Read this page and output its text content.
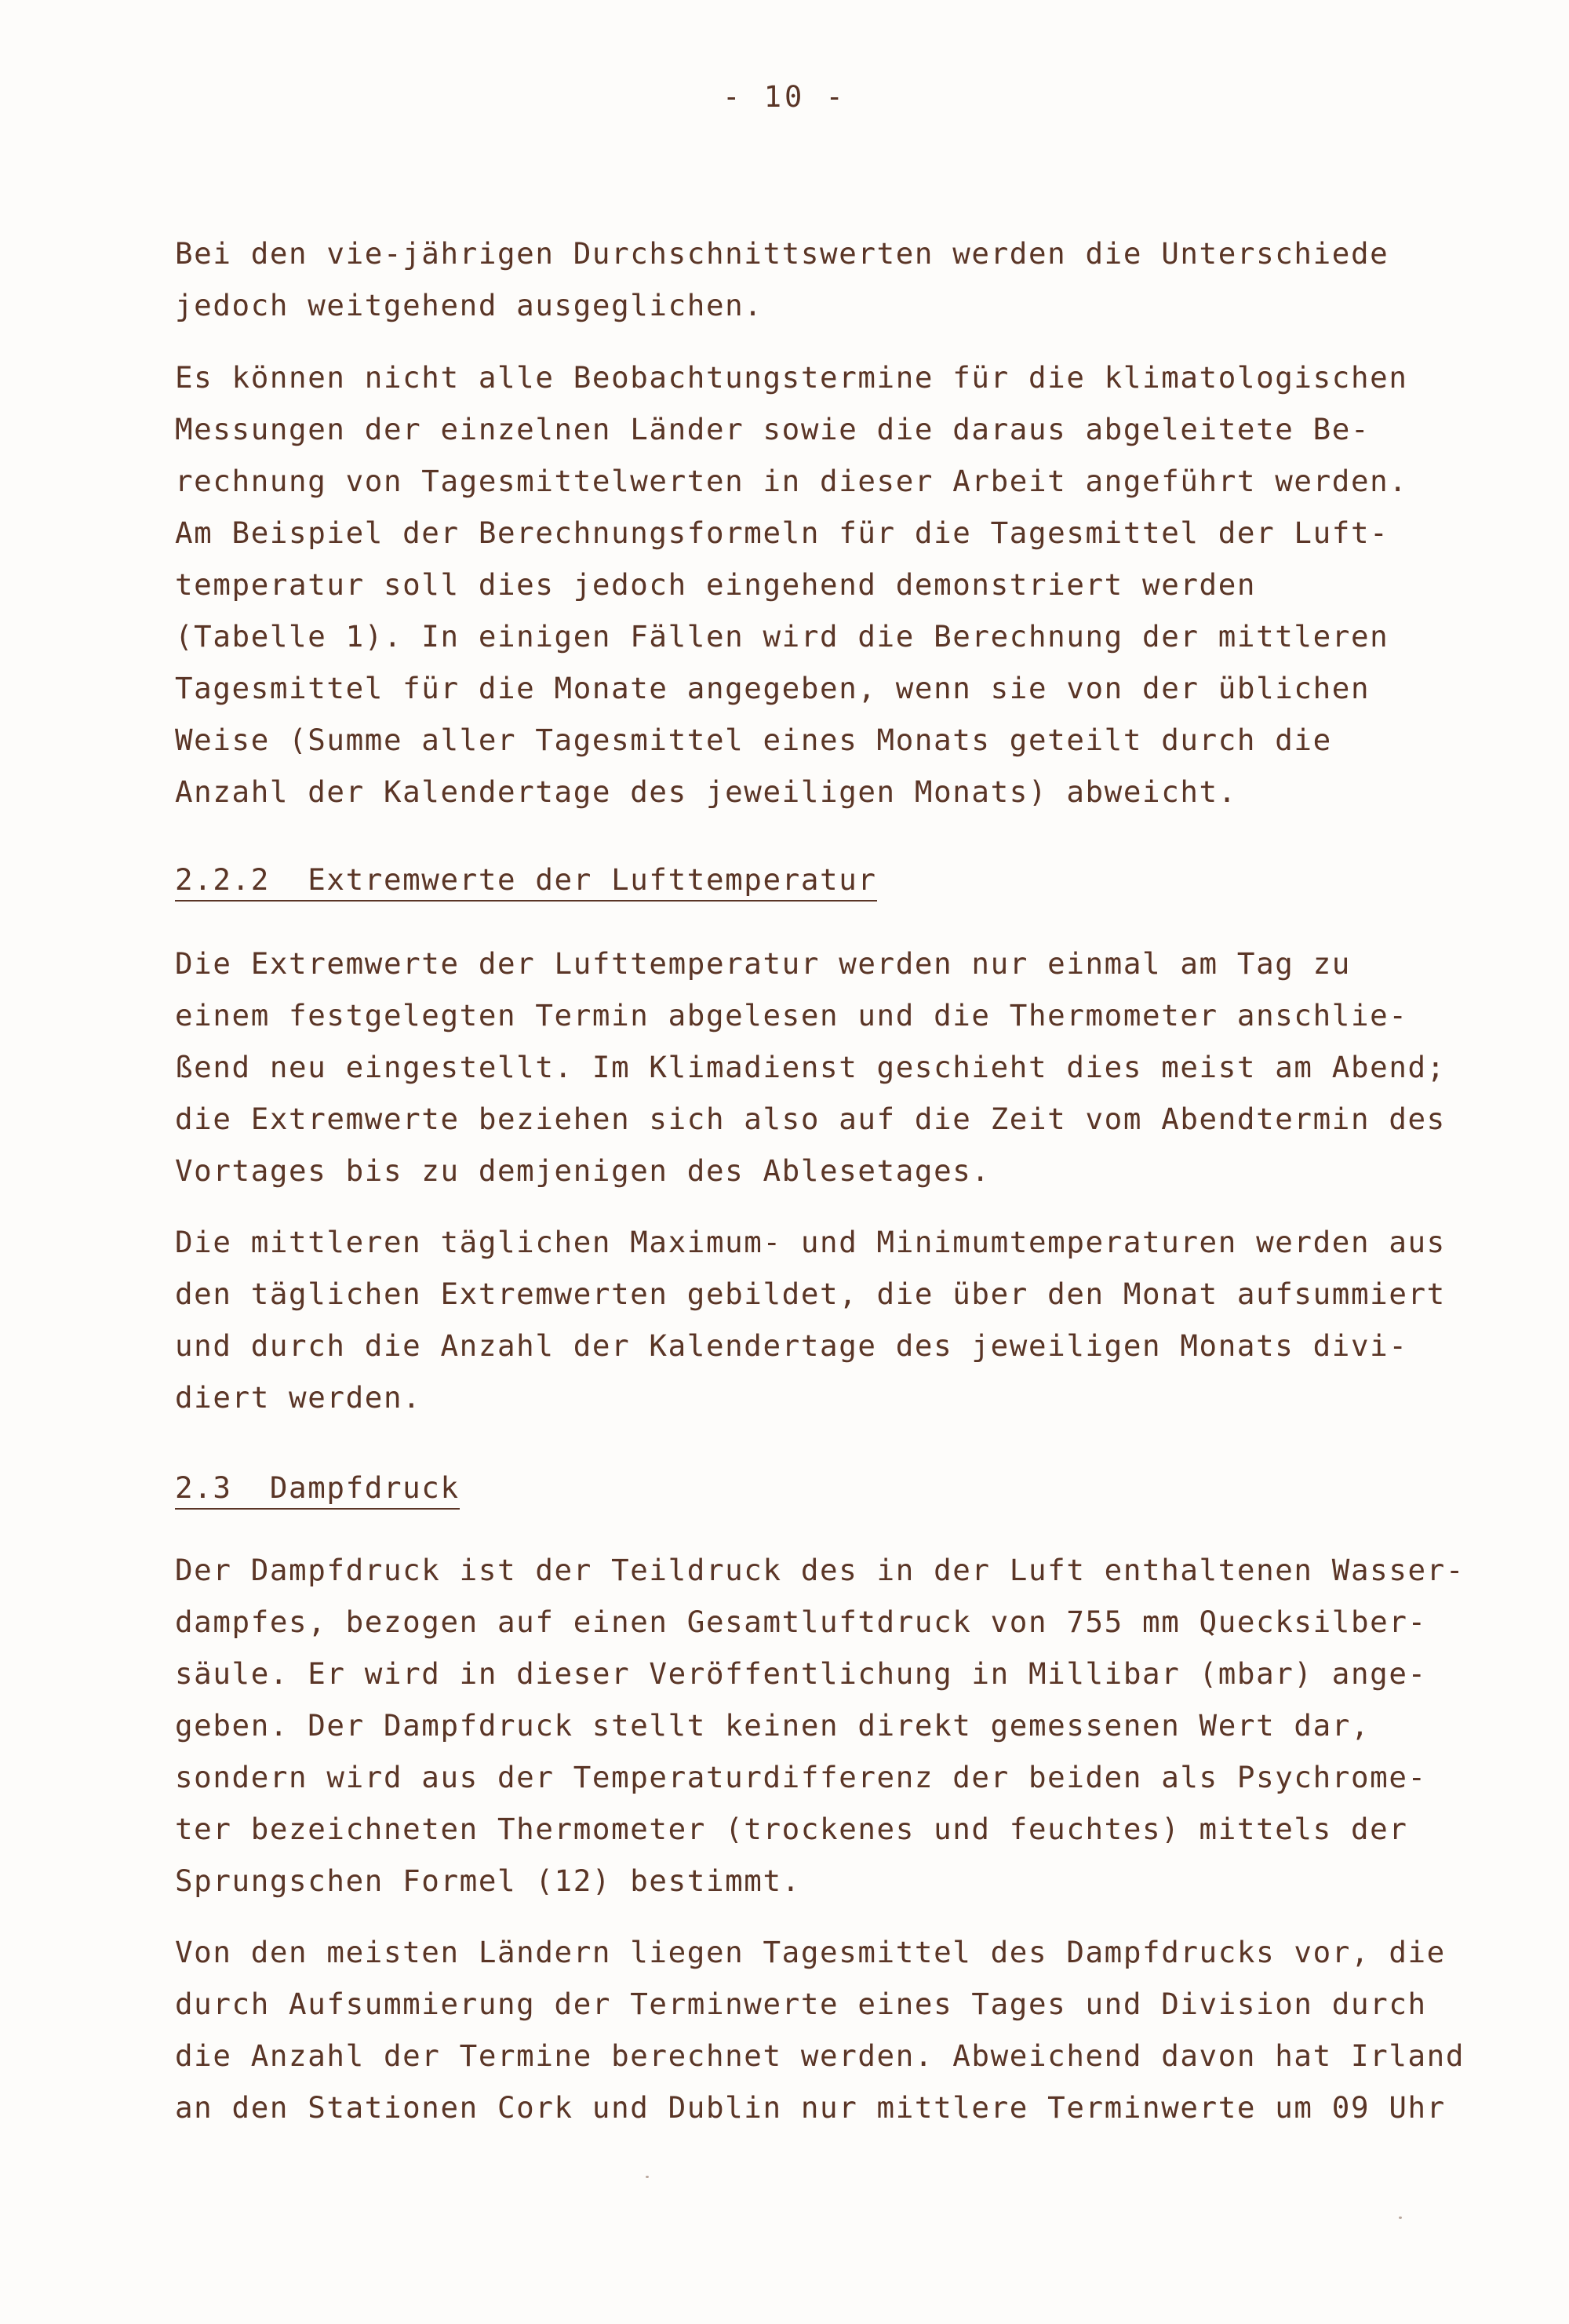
- 10 -
Bei den vie‐jährigen Durchschnittswerten werden die Unterschiede
jedoch weitgehend ausgeglichen.
Es können nicht alle Beobachtungstermine für die klimatologischen
Messungen der einzelnen Länder sowie die daraus abgeleitete Be-
rechnung von Tagesmittelwerten in dieser Arbeit angeführt werden.
Am Beispiel der Berechnungsformeln für die Tagesmittel der Luft-
temperatur soll dies jedoch eingehend demonstriert werden
(Tabelle 1). In einigen Fällen wird die Berechnung der mittleren
Tagesmittel für die Monate angegeben, wenn sie von der üblichen
Weise (Summe aller Tagesmittel eines Monats geteilt durch die
Anzahl der Kalendertage des jeweiligen Monats) abweicht.
2.2.2  Extremwerte der Lufttemperatur
Die Extremwerte der Lufttemperatur werden nur einmal am Tag zu
einem festgelegten Termin abgelesen und die Thermometer anschlie-
ßend neu eingestellt. Im Klimadienst geschieht dies meist am Abend;
die Extremwerte beziehen sich also auf die Zeit vom Abendtermin des
Vortages bis zu demjenigen des Ablesetages.
Die mittleren täglichen Maximum- und Minimumtemperaturen werden aus
den täglichen Extremwerten gebildet, die über den Monat aufsummiert
und durch die Anzahl der Kalendertage des jeweiligen Monats divi-
diert werden.
2.3  Dampfdruck
Der Dampfdruck ist der Teildruck des in der Luft enthaltenen Wasser-
dampfes, bezogen auf einen Gesamtluftdruck von 755 mm Quecksilber-
säule. Er wird in dieser Veröffentlichung in Millibar (mbar) ange-
geben. Der Dampfdruck stellt keinen direkt gemessenen Wert dar,
sondern wird aus der Temperaturdifferenz der beiden als Psychrome-
ter bezeichneten Thermometer (trockenes und feuchtes) mittels der
Sprungschen Formel (12) bestimmt.
Von den meisten Ländern liegen Tagesmittel des Dampfdrucks vor, die
durch Aufsummierung der Terminwerte eines Tages und Division durch
die Anzahl der Termine berechnet werden. Abweichend davon hat Irland
an den Stationen Cork und Dublin nur mittlere Terminwerte um 09 Uhr
